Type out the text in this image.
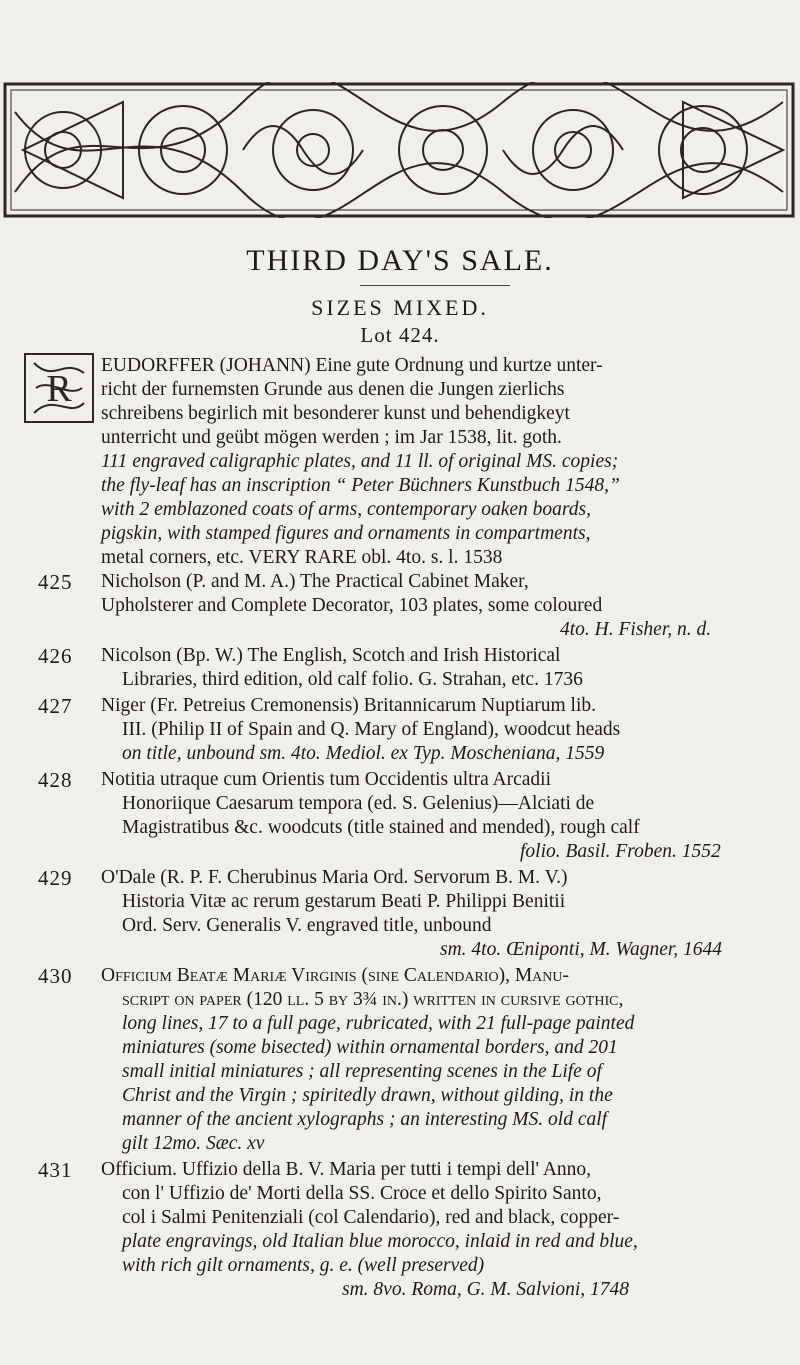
THIRD DAY'S SALE.
SIZES MIXED.
Lot 424.
R
EUDORFFER (JOHANN) Eine gute Ordnung und kurtze unter-
richt der furnemsten Grunde aus denen die Jungen zierlichs
schreibens begirlich mit besonderer kunst und behendigkeyt
unterricht und geübt mögen werden ; im Jar 1538, lit. goth.
111 engraved caligraphic plates, and 11 ll. of original MS. copies;
the fly-leaf has an inscription “ Peter Büchners Kunstbuch 1548,”
with 2 emblazoned coats of arms, contemporary oaken boards,
pigskin, with stamped figures and ornaments in compartments,
metal corners, etc. VERY RARE obl. 4to. s. l. 1538
425 Nicholson (P. and M. A.) The Practical Cabinet Maker,
Upholsterer and Complete Decorator, 103 plates, some coloured
4to. H. Fisher, n. d.
426 Nicolson (Bp. W.) The English, Scotch and Irish Historical
Libraries, third edition, old calf folio. G. Strahan, etc. 1736
427 Niger (Fr. Petreius Cremonensis) Britannicarum Nuptiarum lib.
III. (Philip II of Spain and Q. Mary of England), woodcut heads
on title, unbound sm. 4to. Mediol. ex Typ. Moscheniana, 1559
428 Notitia utraque cum Orientis tum Occidentis ultra Arcadii
Honoriique Caesarum tempora (ed. S. Gelenius)—Alciati de
Magistratibus &c. woodcuts (title stained and mended), rough calf
folio. Basil. Froben. 1552
429 O'Dale (R. P. F. Cherubinus Maria Ord. Servorum B. M. V.)
Historia Vitæ ac rerum gestarum Beati P. Philippi Benitii
Ord. Serv. Generalis V. engraved title, unbound
sm. 4to. Œniponti, M. Wagner, 1644
430 Officium Beatæ Mariæ Virginis (sine Calendario), Manu-
script on paper (120 ll. 5 by 3¾ in.) written in cursive gothic,
long lines, 17 to a full page, rubricated, with 21 full-page painted
miniatures (some bisected) within ornamental borders, and 201
small initial miniatures ; all representing scenes in the Life of
Christ and the Virgin ; spiritedly drawn, without gilding, in the
manner of the ancient xylographs ; an interesting MS. old calf
gilt 12mo. Sæc. xv
431 Officium. Uffizio della B. V. Maria per tutti i tempi dell' Anno,
con l' Uffizio de' Morti della SS. Croce et dello Spirito Santo,
col i Salmi Penitenziali (col Calendario), red and black, copper-
plate engravings, old Italian blue morocco, inlaid in red and blue,
with rich gilt ornaments, g. e. (well preserved)
sm. 8vo. Roma, G. M. Salvioni, 1748
